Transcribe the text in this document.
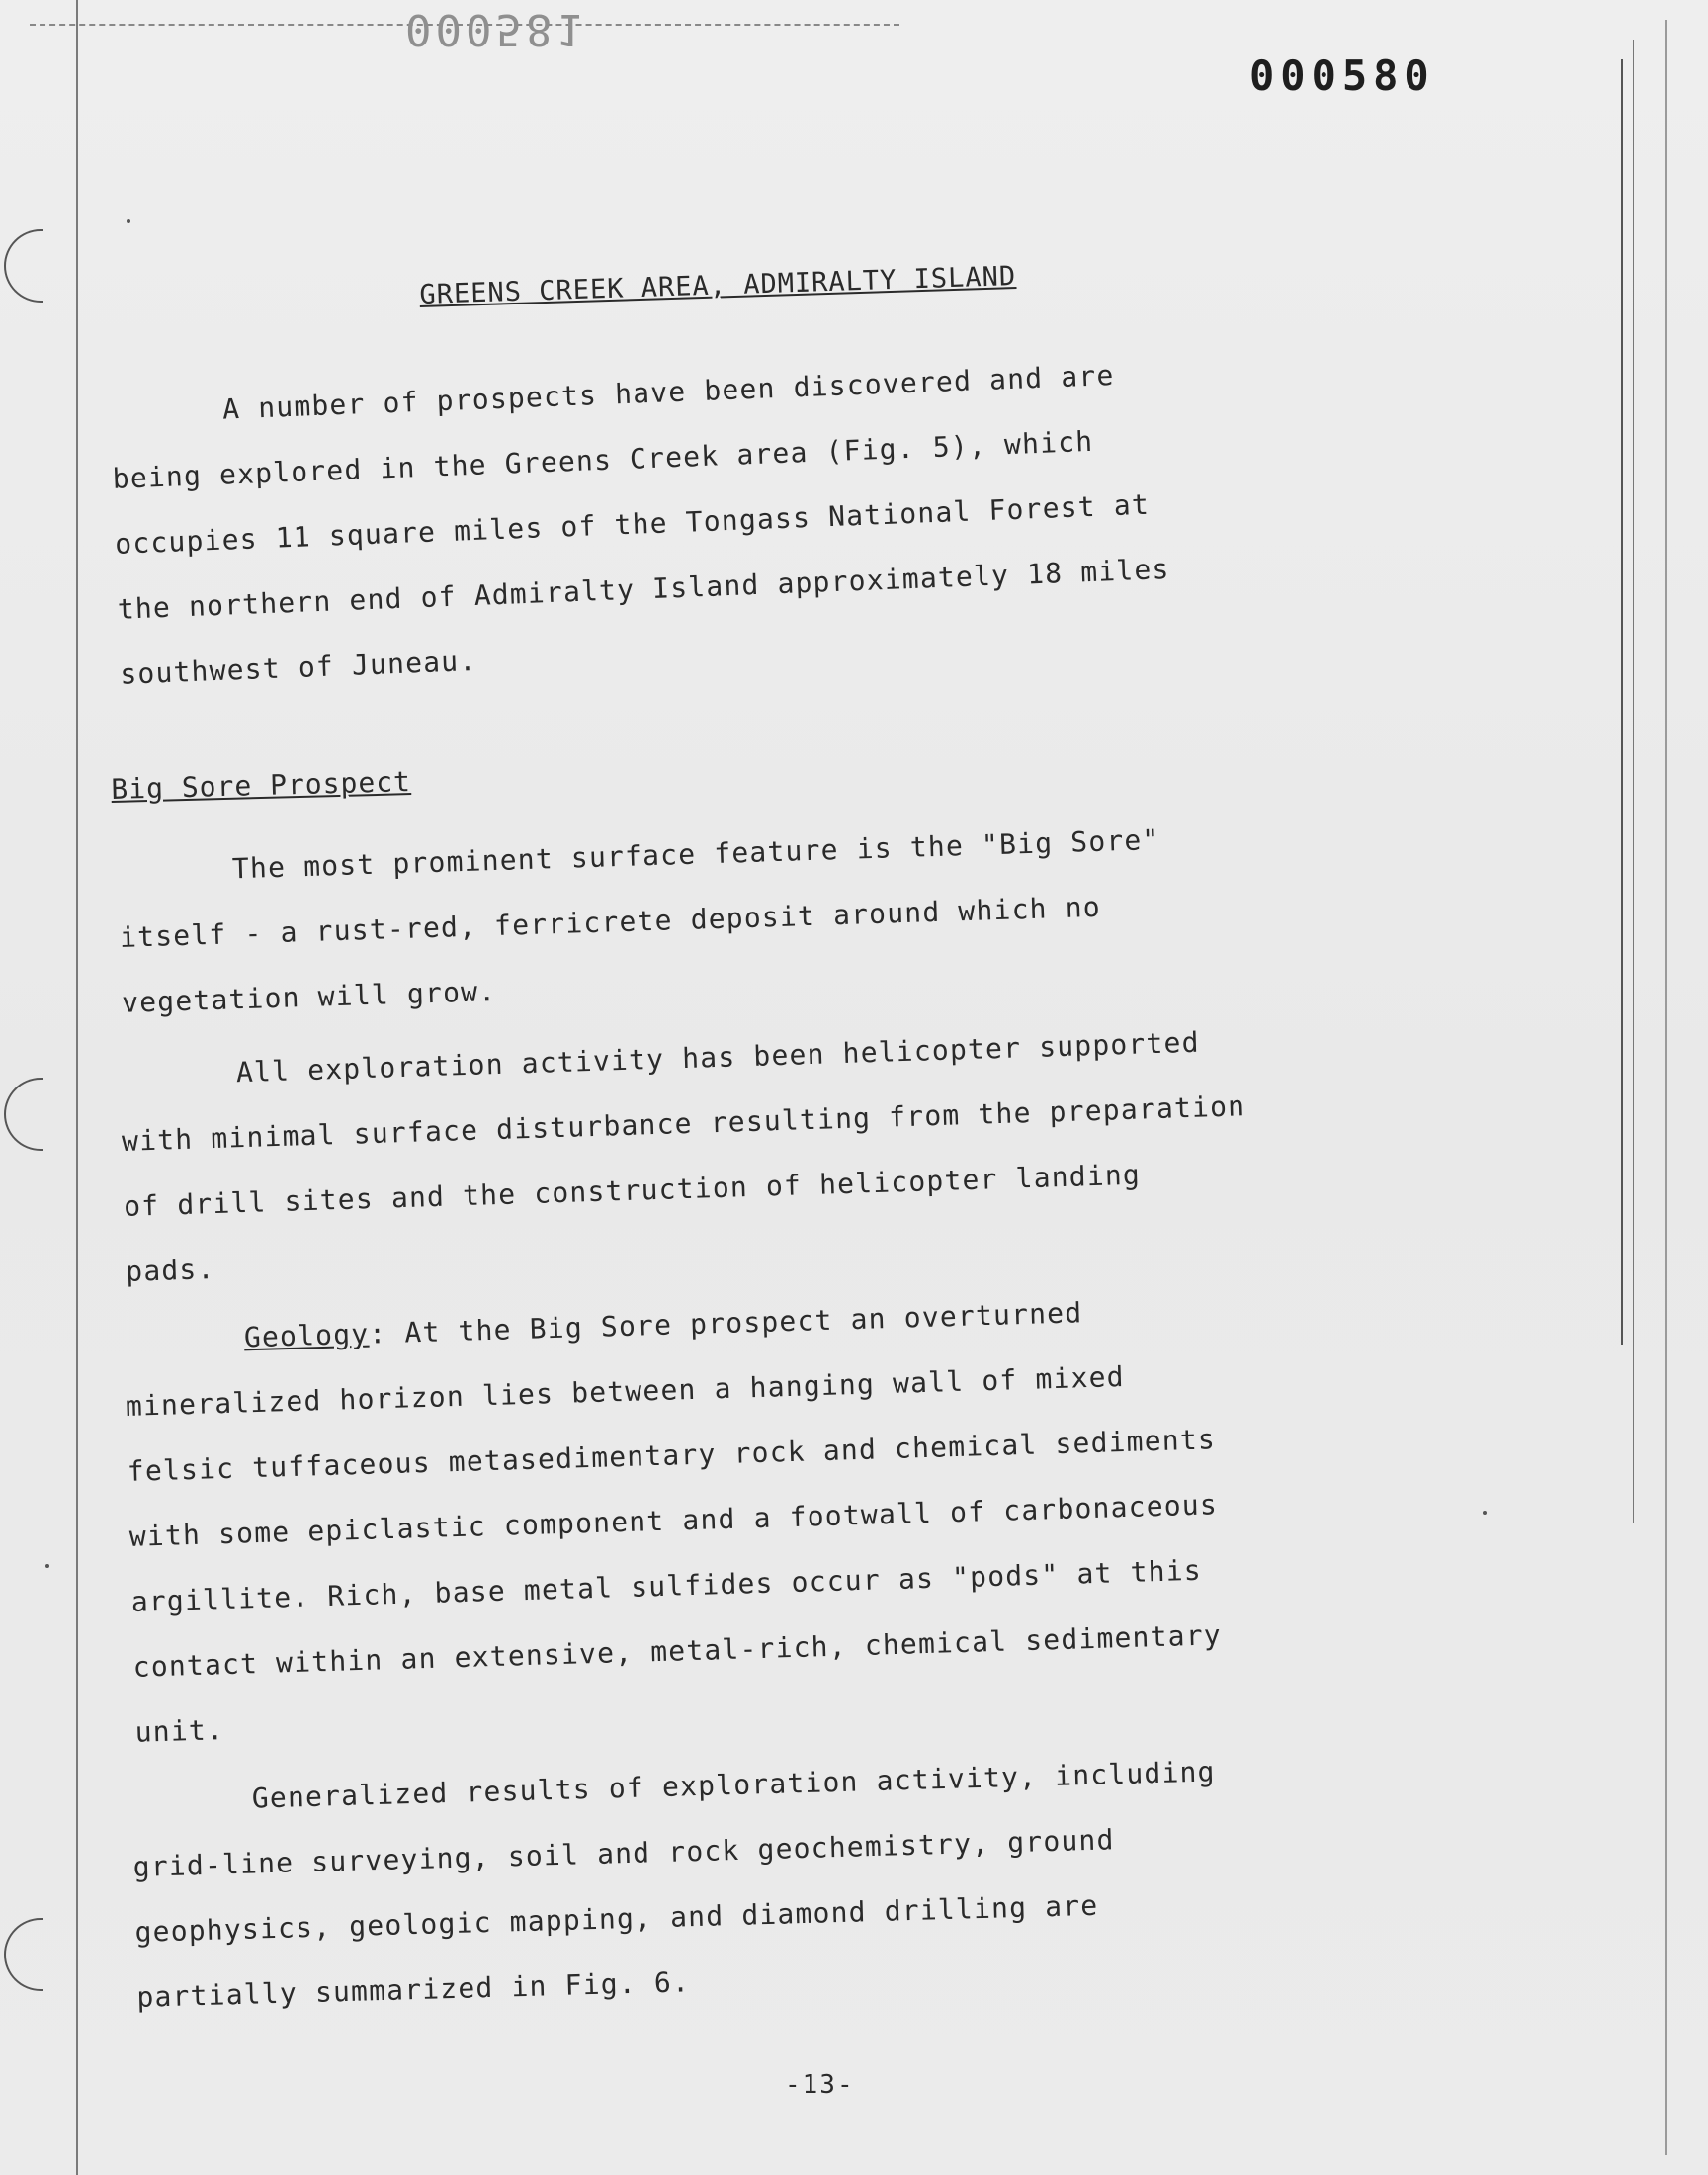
000581
000580
GREENS CREEK AREA, ADMIRALTY ISLAND
A number of prospects have been discovered and are
being explored in the Greens Creek area (Fig. 5), which
occupies 11 square miles of the Tongass National Forest at
the northern end of Admiralty Island approximately 18 miles
southwest of Juneau.
Big Sore Prospect
The most prominent surface feature is the "Big Sore"
itself - a rust-red, ferricrete deposit around which no
vegetation will grow.
All exploration activity has been helicopter supported
with minimal surface disturbance resulting from the preparation
of drill sites and the construction of helicopter landing
pads.
Geology: At the Big Sore prospect an overturned
mineralized horizon lies between a hanging wall of mixed
felsic tuffaceous metasedimentary rock and chemical sediments
with some epiclastic component and a footwall of carbonaceous
argillite. Rich, base metal sulfides occur as "pods" at this
contact within an extensive, metal-rich, chemical sedimentary
unit.
Generalized results of exploration activity, including
grid-line surveying, soil and rock geochemistry, ground
geophysics, geologic mapping, and diamond drilling are
partially summarized in Fig. 6.
-13-
